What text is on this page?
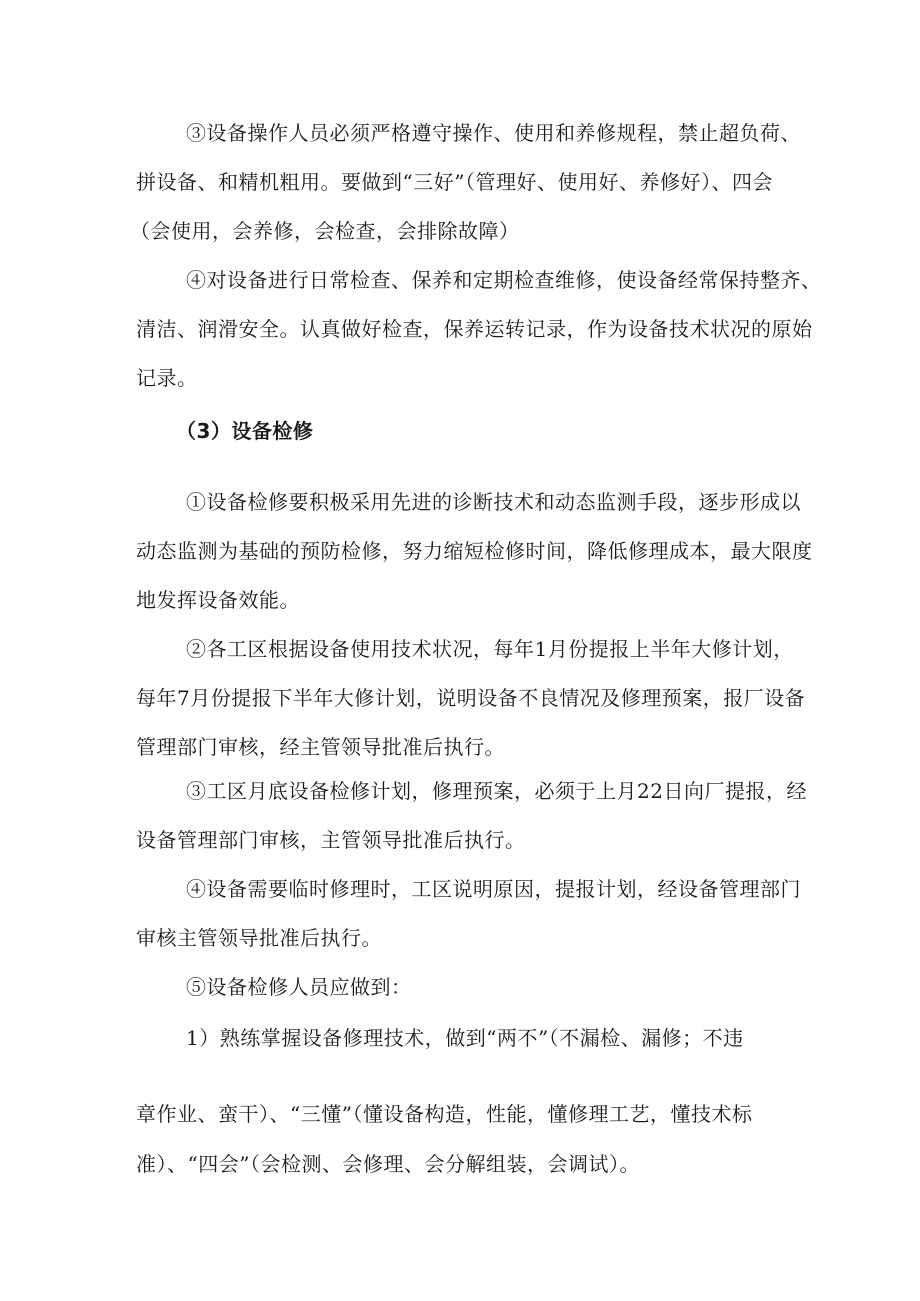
③设备操作人员必须严格遵守操作、使用和养修规程，禁止超负荷、
拼设备、和精机粗用。要做到“三好”（管理好、使用好、养修好）、四会
（会使用，会养修，会检查，会排除故障）
④对设备进行日常检查、保养和定期检查维修，使设备经常保持整齐、
清洁、润滑安全。认真做好检查，保养运转记录，作为设备技术状况的原始
记录。
（3）设备检修
①设备检修要积极采用先进的诊断技术和动态监测手段，逐步形成以
动态监测为基础的预防检修，努力缩短检修时间，降低修理成本，最大限度
地发挥设备效能。
②各工区根据设备使用技术状况，每年1月份提报上半年大修计划，
每年7月份提报下半年大修计划，说明设备不良情况及修理预案，报厂设备
管理部门审核，经主管领导批准后执行。
③工区月底设备检修计划，修理预案，必须于上月22日向厂提报，经
设备管理部门审核，主管领导批准后执行。
④设备需要临时修理时，工区说明原因，提报计划，经设备管理部门
审核主管领导批准后执行。
⑤设备检修人员应做到：
1）熟练掌握设备修理技术，做到“两不”（不漏检、漏修；不违
章作业、蛮干）、“三懂”（懂设备构造，性能，懂修理工艺，懂技术标
准）、“四会”（会检测、会修理、会分解组装，会调试）。
